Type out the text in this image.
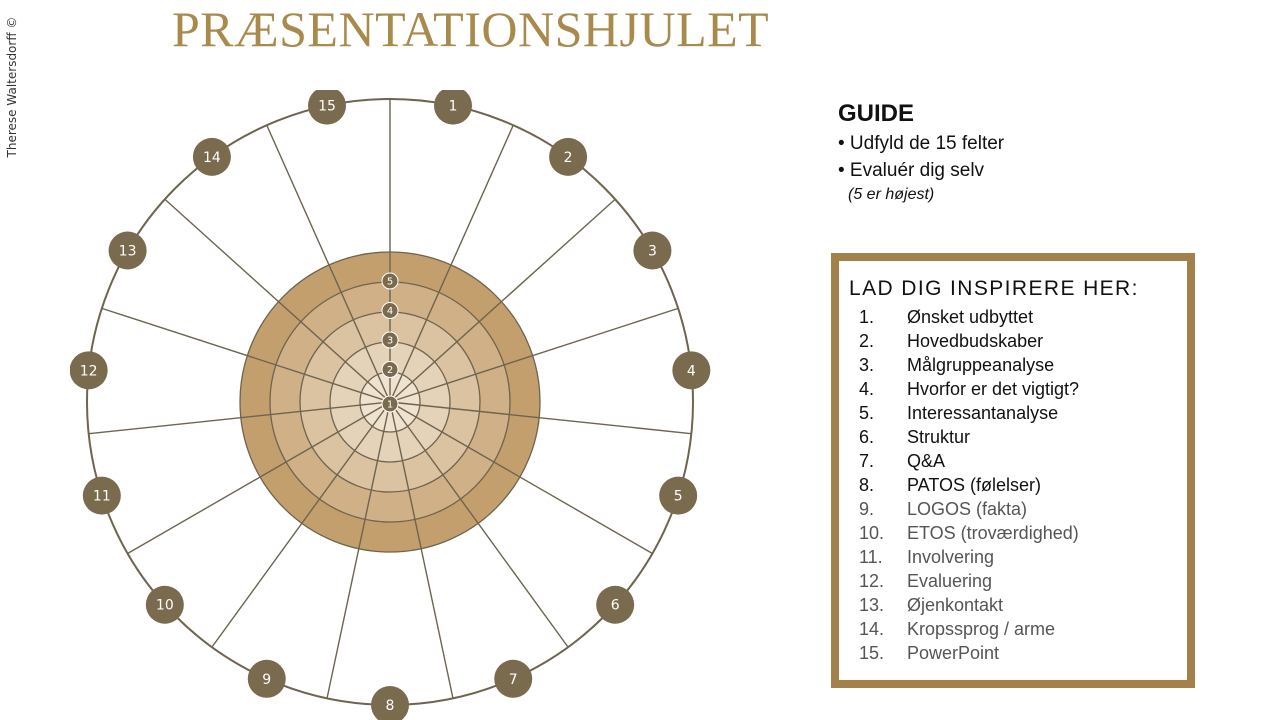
Therese Waltersdorff ©	PRÆSENTATIONSHJULET
1
2
3
4
5
1
2
3
4
5
6
7
8
9
10
11
12
13
14
15	GUIDE
• Udfyld de 15 felter
• Evaluér dig selv
(5 er højest)
LAD DIG INSPIRERE HER:
1.	Ønsket udbyttet
2.	Hovedbudskaber
3.	Målgruppeanalyse
4.	Hvorfor er det vigtigt?
5.	Interessantanalyse
6.	Struktur
7.	Q&A
8.	PATOS (følelser)
9.	LOGOS (fakta)
10.	ETOS (troværdighed)
11.	Involvering
12.	Evaluering
13.	Øjenkontakt
14.	Kropssprog / arme
15.	PowerPoint
